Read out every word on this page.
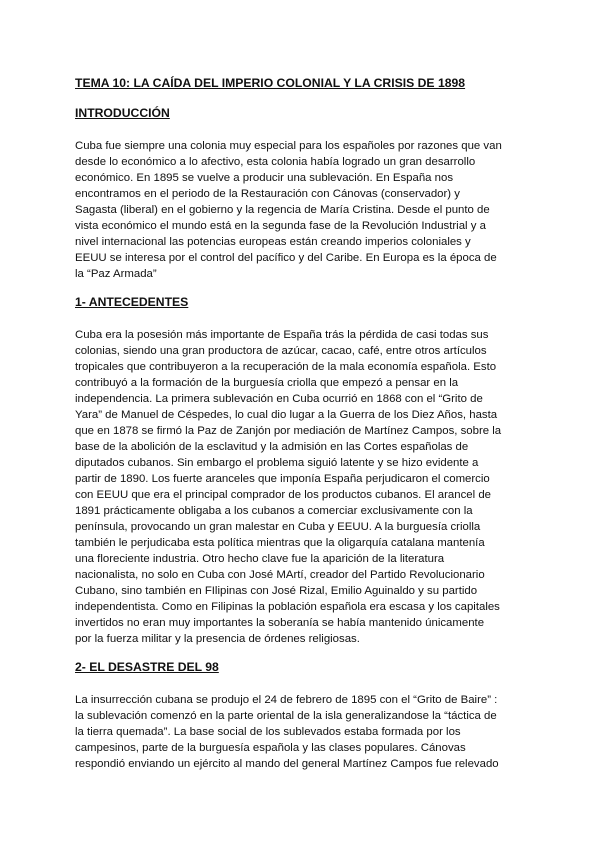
TEMA 10: LA CAÍDA DEL IMPERIO COLONIAL Y LA CRISIS DE 1898
INTRODUCCIÓN
Cuba fue siempre una colonia muy especial para los españoles por razones que van
desde lo económico a lo afectivo, esta colonia había logrado un gran desarrollo
económico. En 1895 se vuelve a producir una sublevación. En España nos
encontramos en el periodo de la Restauración con Cánovas (conservador) y
Sagasta (liberal) en el gobierno y la regencia de María Cristina. Desde el punto de
vista económico el mundo está en la segunda fase de la Revolución Industrial y a
nivel internacional las potencias europeas están creando imperios coloniales y
EEUU se interesa por el control del pacífico y del Caribe. En Europa es la época de
la “Paz Armada”
1- ANTECEDENTES
Cuba era la posesión más importante de España trás la pérdida de casi todas sus
colonias, siendo una gran productora de azúcar, cacao, café, entre otros artículos
tropicales que contribuyeron a la recuperación de la mala economía española. Esto
contribuyó a la formación de la burguesía criolla que empezó a pensar en la
independencia. La primera sublevación en Cuba ocurrió en 1868 con el “Grito de
Yara” de Manuel de Céspedes, lo cual dio lugar a la Guerra de los Diez Años, hasta
que en 1878 se firmó la Paz de Zanjón por mediación de Martínez Campos, sobre la
base de la abolición de la esclavitud y la admisión en las Cortes españolas de
diputados cubanos. Sin embargo el problema siguió latente y se hizo evidente a
partir de 1890. Los fuerte aranceles que imponía España perjudicaron el comercio
con EEUU que era el principal comprador de los productos cubanos. El arancel de
1891 prácticamente obligaba a los cubanos a comerciar exclusivamente con la
península, provocando un gran malestar en Cuba y EEUU. A la burguesía criolla
también le perjudicaba esta política mientras que la oligarquía catalana mantenía
una floreciente industria. Otro hecho clave fue la aparición de la literatura
nacionalista, no solo en Cuba con José MArtí, creador del Partido Revolucionario
Cubano, sino también en FIlipinas con José Rizal, Emilio Aguinaldo y su partido
independentista. Como en Filipinas la población española era escasa y los capitales
invertidos no eran muy importantes la soberanía se había mantenido únicamente
por la fuerza militar y la presencia de órdenes religiosas.
2- EL DESASTRE DEL 98
La insurrección cubana se produjo el 24 de febrero de 1895 con el “Grito de Baire” :
la sublevación comenzó en la parte oriental de la isla generalizandose la “táctica de
la tierra quemada”. La base social de los sublevados estaba formada por los
campesinos, parte de la burguesía española y las clases populares. Cánovas
respondió enviando un ejército al mando del general Martínez Campos fue relevado
